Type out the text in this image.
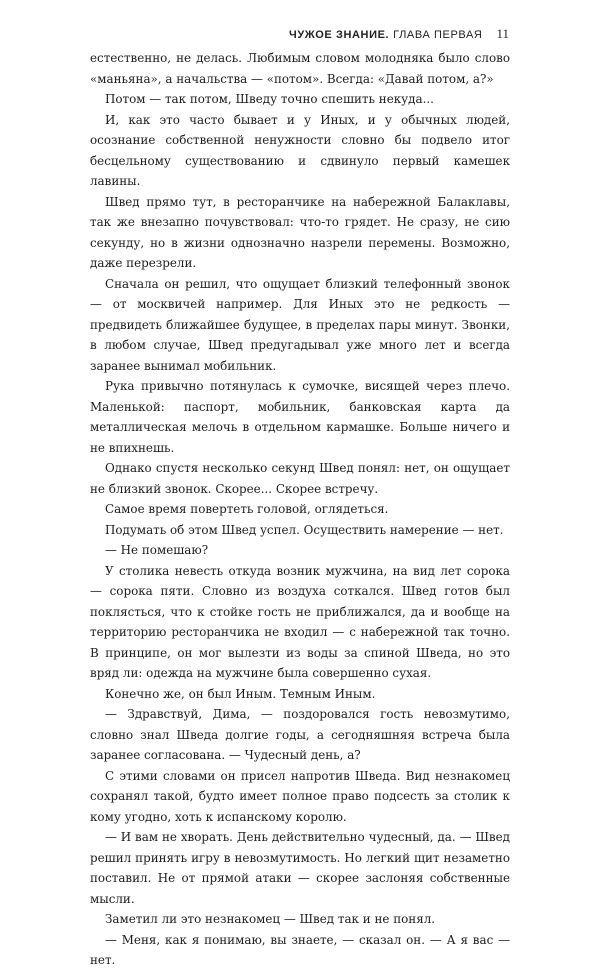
ЧУЖОЕ ЗНАНИЕ. ГЛАВА ПЕРВАЯ 11

естественно, не делась. Любимым словом молодняка было слово «маньяна», а начальства — «потом». Всегда: «Давай потом, а?»

Потом — так потом, Шведу точно спешить некуда...

И, как это часто бывает и у Иных, и у обычных людей, осознание собственной ненужности словно бы подвело итог бесцельному существованию и сдвинуло первый камешек лавины.

Швед прямо тут, в ресторанчике на набережной Балаклавы, так же внезапно почувствовал: что-то грядет. Не сразу, не сию секунду, но в жизни однозначно назрели перемены. Возможно, даже перезрели.

Сначала он решил, что ощущает близкий телефонный звонок — от москвичей например. Для Иных это не редкость — предвидеть ближайшее будущее, в пределах пары минут. Звонки, в любом случае, Швед предугадывал уже много лет и всегда заранее вынимал мобильник.

Рука привычно потянулась к сумочке, висящей через плечо. Маленькой: паспорт, мобильник, банковская карта да металлическая мелочь в отдельном кармашке. Больше ничего и не впихнешь.

Однако спустя несколько секунд Швед понял: нет, он ощущает не близкий звонок. Скорее... Скорее встречу.

Самое время повертеть головой, оглядеться.

Подумать об этом Швед успел. Осуществить намерение — нет.

— Не помешаю?

У столика невесть откуда возник мужчина, на вид лет сорока — сорока пяти. Словно из воздуха соткался. Швед готов был поклясться, что к стойке гость не приближался, да и вообще на территорию ресторанчика не входил — с набережной так точно. В принципе, он мог вылезти из воды за спиной Шведа, но это вряд ли: одежда на мужчине была совершенно сухая.

Конечно же, он был Иным. Темным Иным.

— Здравствуй, Дима, — поздоровался гость невозмутимо, словно знал Шведа долгие годы, а сегодняшняя встреча была заранее согласована. — Чудесный день, а?

С этими словами он присел напротив Шведа. Вид незнакомец сохранял такой, будто имеет полное право подсесть за столик к кому угодно, хоть к испанскому королю.

— И вам не хворать. День действительно чудесный, да. — Швед решил принять игру в невозмутимость. Но легкий щит незаметно поставил. Не от прямой атаки — скорее заслоняя собственные мысли.

Заметил ли это незнакомец — Швед так и не понял.

— Меня, как я понимаю, вы знаете, — сказал он. — А я вас — нет.
